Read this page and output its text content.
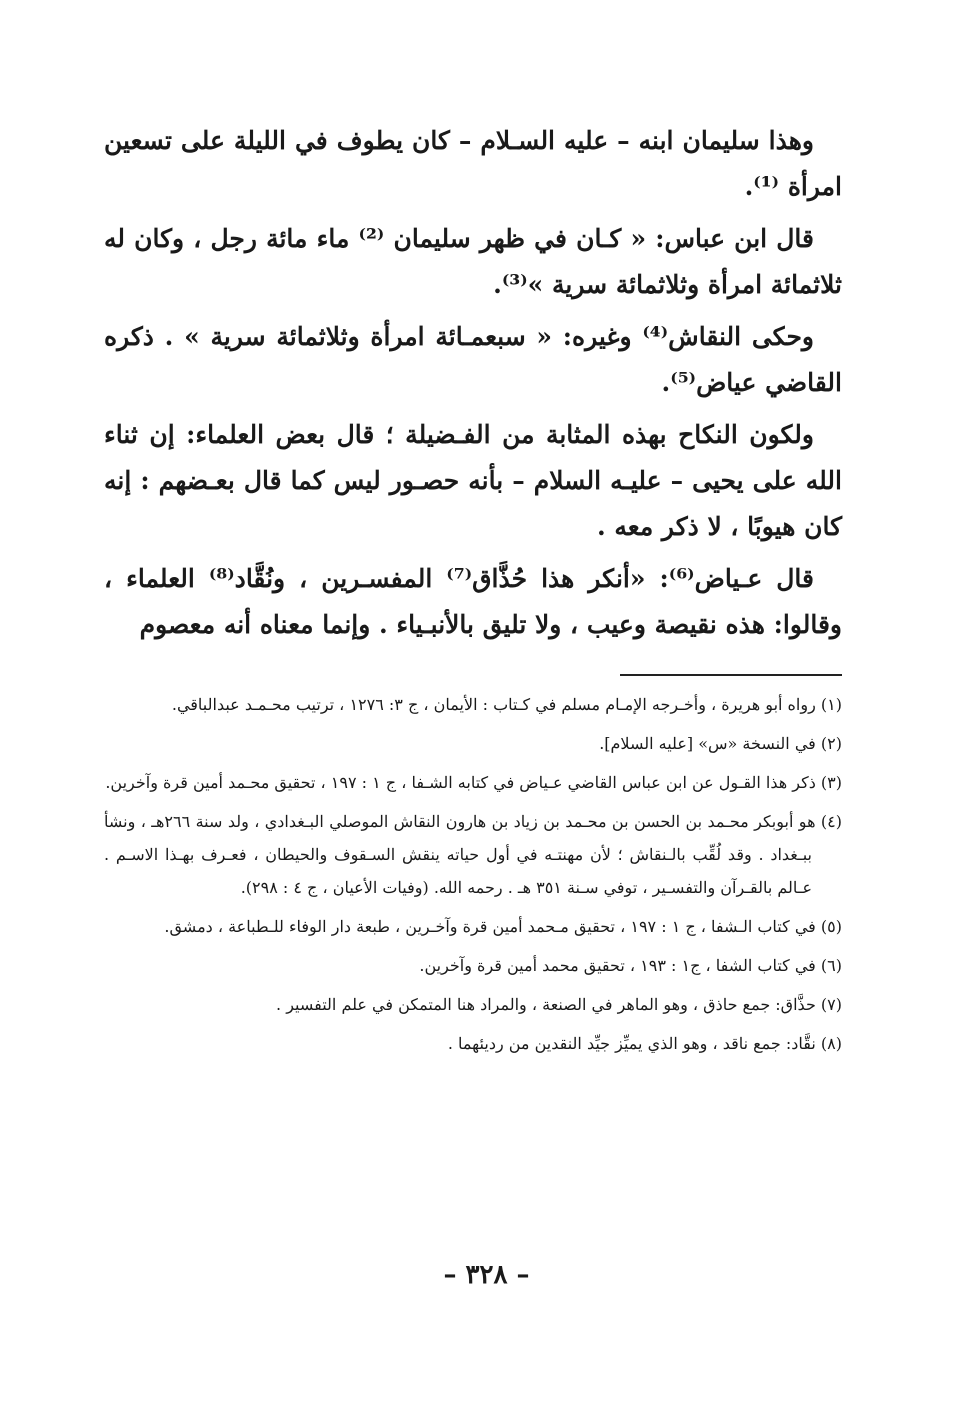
وهذا سليمان ابنه – عليه السـلام – كان يطوف في الليلة على تسعين امرأة ⁽¹⁾.

قال ابن عباس: « كـان في ظهر سليمان ⁽²⁾ ماء مائة رجل ، وكان له ثلاثمائة امرأة وثلاثمائة سرية »⁽³⁾.

وحكى النقاش⁽⁴⁾ وغيره: « سبعمـائة امرأة وثلاثمائة سرية » . ذكره القاضي عياض⁽⁵⁾.

ولكون النكاح بهذه المثابة من الفـضيلة ؛ قال بعض العلماء: إن ثناء الله على يحيى – عليـه السلام – بأنه حصـور ليس كما قال بعـضهم : إنه كان هيوبًا ، لا ذكر معه .

قال عـياض⁽⁶⁾: «أنكر هذا حُذَّاق⁽⁷⁾ المفسـرين ، ونُقَّاد⁽⁸⁾ العلماء ، وقالوا: هذه نقيصة وعيب ، ولا تليق بالأنبـياء . وإنما معناه أنه معصوم

(١) رواه أبو هريرة ، وأخـرجه الإمـام مسلم في كـتاب : الأيمان ، ج ٣: ١٢٧٦ ، ترتيب محـمـد عبدالباقي.

(٢) في النسخة «س» [عليه السلام].

(٣) ذكر هذا القـول عن ابن عباس القاضي عـياض في كتابه الشـفا ، ج ١ : ١٩٧ ، تحقيق محـمد أمين قرة وآخرين.

(٤) هو أبوبكر محـمد بن الحسن بن محـمد بن زياد بن هارون النقاش الموصلي البـغدادي ، ولد سنة ٢٦٦هـ ، ونشأ ببـغداد . وقد لُقِّب بالـنقاش ؛ لأن مهنتـه في أول حياته ينقش السـقوف والحيطان ، فعـرف بهـذا الاسـم . عـالم بالقـرآن والتفسـير ، توفي سـنة ٣٥١ هـ . رحمه الله. (وفيات الأعيان ، ج ٤ : ٢٩٨).

(٥) في كتاب الـشفا ، ج ١ : ١٩٧ ، تحقيق مـحمد أمين قرة وآخـرين ، طبعة دار الوفاء للـطباعة ، دمشق.

(٦) في كتاب الشفا ، ج١ : ١٩٣ ، تحقيق محمد أمين قرة وآخرين.

(٧) حذَّاق: جمع حاذق ، وهو الماهر في الصنعة ، والمراد هنا المتمكن في علم التفسير .

(٨) نقَّاد: جمع ناقد ، وهو الذي يميِّز جيِّد النقدين من رديئهما .

– ٣٢٨ –
